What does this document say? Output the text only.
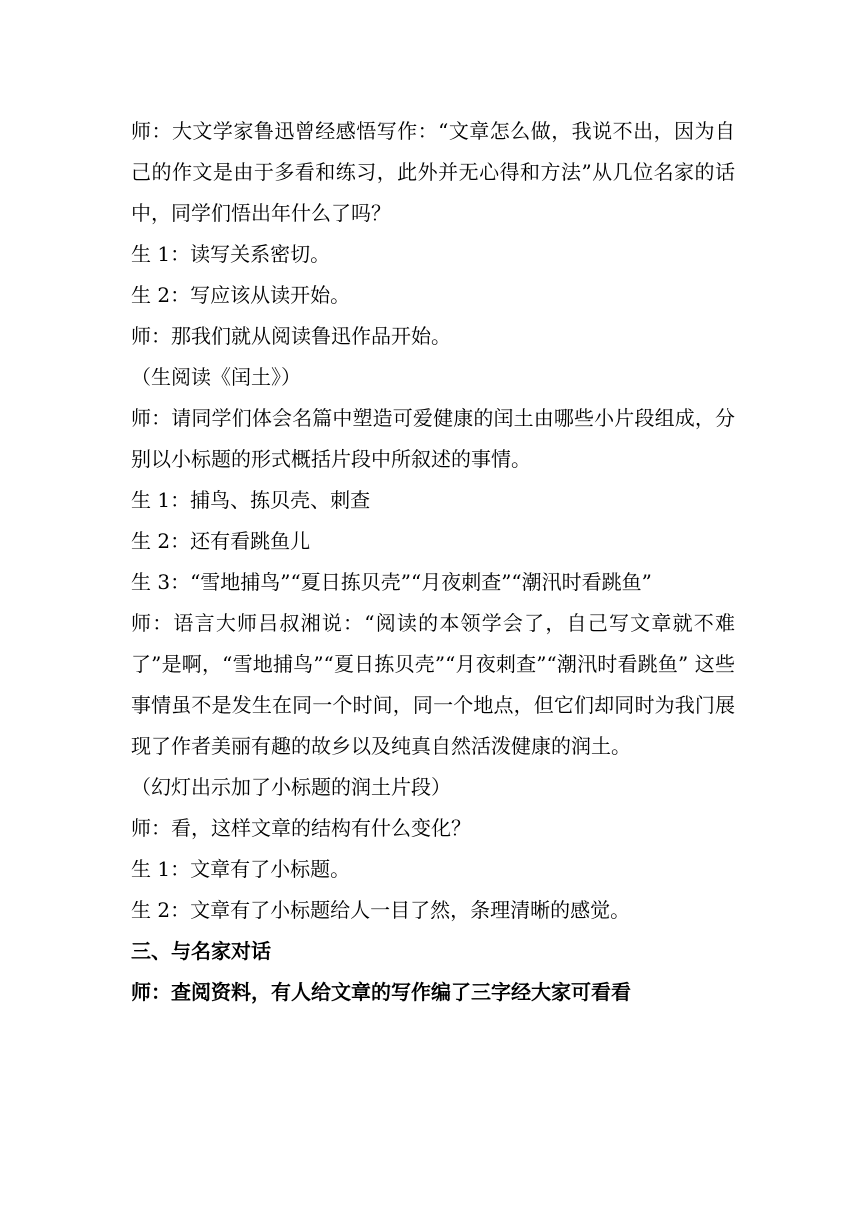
师：大文学家鲁迅曾经感悟写作：“文章怎么做，我说不出，因为自己的作文是由于多看和练习，此外并无心得和方法”从几位名家的话中，同学们悟出年什么了吗？

生 1：读写关系密切。

生 2：写应该从读开始。

师：那我们就从阅读鲁迅作品开始。

（生阅读《闰土》）

师：请同学们体会名篇中塑造可爱健康的闰土由哪些小片段组成，分别以小标题的形式概括片段中所叙述的事情。

生 1：捕鸟、拣贝壳、刺查

生 2：还有看跳鱼儿

生 3：“雪地捕鸟”“夏日拣贝壳”“月夜刺查”“潮汛时看跳鱼”

师：语言大师吕叔湘说：“阅读的本领学会了，自己写文章就不难了”是啊，“雪地捕鸟”“夏日拣贝壳”“月夜刺查”“潮汛时看跳鱼” 这些事情虽不是发生在同一个时间，同一个地点，但它们却同时为我门展现了作者美丽有趣的故乡以及纯真自然活泼健康的润土。

（幻灯出示加了小标题的润土片段）

师：看，这样文章的结构有什么变化？

生 1：文章有了小标题。

生 2：文章有了小标题给人一目了然，条理清晰的感觉。

三、与名家对话

师：查阅资料，有人给文章的写作编了三字经大家可看看
